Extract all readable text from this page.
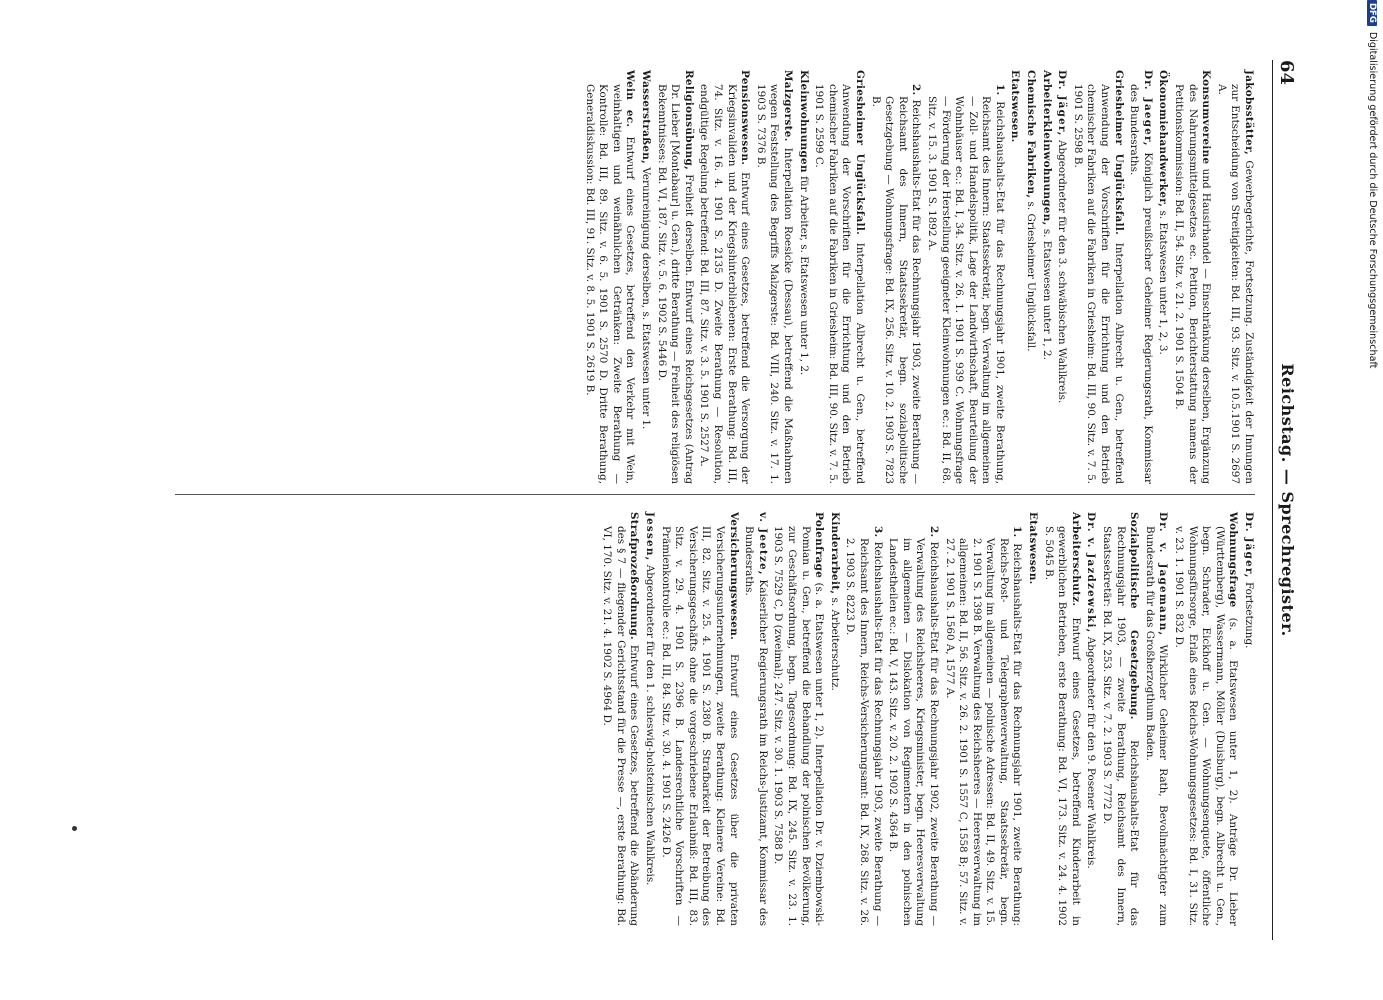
64
Reichstag. — Sprechregister.
Jakobsstätter, Gewerbegerichte, Fortsetzung. Zuständigkeit der Innungen zur Entscheidung von Streitigkeiten: Bd. III, 93. Sitz. v. 10.5.1901 S. 2697 A.
Konsumvereine und Hausirhandel — Einschränkung derselben, Ergänzung des Nahrungsmittelgesetzes ec. Petition, Berichterstattung namens der Petitionskommission: Bd. II, 54. Sitz. v. 21. 2. 1901 S. 1504 B.
Ökonomiehandwerker, s. Etatswesen unter 1, 2, 3.
Dr. Jaeger, Königlich preußischer Geheimer Regierungsrath, Kommissar des Bundesraths.
Griesheimer Unglücksfall. Interpellation Albrecht u. Gen., betreffend Anwendung der Vorschriften für die Errichtung und den Betrieb chemischer Fabriken auf die Fabriken in Griesheim: Bd. III, 90. Sitz. v. 7. 5. 1901 S. 2598 B.
Dr. Jäger, Abgeordneter für den 3. schwäbischen Wahlkreis.
Arbeiterkleinwohnungen, s. Etatswesen unter 1, 2.
Chemische Fabriken, s. Griesheimer Unglücksfall.
Etatswesen.
1. Reichshaushalts-Etat für das Rechnungsjahr 1901, zweite Berathung, Reichsamt des Innern: Staatssekretär, begn. Verwaltung im allgemeinen — Zoll- und Handelspolitik, Lage der Landwirthschaft, Beurteilung der Wohnhäuser ec.: Bd. I, 34. Sitz. v. 26. 1. 1901 S. 939 C. Wohnungsfrage — Förderung der Herstellung geeigneter Kleinwohnungen ec.: Bd. II, 68. Sitz. v. 15. 3. 1901 S. 1892 A.
2. Reichshaushalts-Etat für das Rechnungsjahr 1903, zweite Berathung — Reichsamt des Innern, Staatssekretär, begn. sozialpolitische Gesetzgebung — Wohnungsfrage: Bd. IX, 256. Sitz. v. 10. 2. 1903 S. 7823 B.
Griesheimer Unglücksfall. Interpellation Albrecht u. Gen., betreffend Anwendung der Vorschriften für die Errichtung und den Betrieb chemischer Fabriken auf die Fabriken in Griesheim: Bd. III, 90. Sitz. v. 7. 5. 1901 S. 2599 C.
Kleinwohnungen für Arbeiter, s. Etatswesen unter 1, 2.
Malzgerste. Interpellation Roesicke (Dessau), betreffend die Maßnahmen wegen Feststellung des Begriffs Malzgerste: Bd. VIII, 240. Sitz. v. 17. 1. 1903 S. 7376 B.
Pensionswesen. Entwurf eines Gesetzes, betreffend die Versorgung der Kriegsinvaliden und der Kriegshinterbliebenen: Erste Berathung: Bd. III, 74. Sitz. v. 16. 4. 1901 S. 2135 D. Zweite Berathung — Resolution, endgültige Regelung betreffend: Bd. III, 87. Sitz. v. 3. 5. 1901 S. 2527 A.
Religionsübung, Freiheit derselben. Entwurf eines Reichsgesetzes (Antrag Dr. Lieber [Montabaur] u. Gen.), dritte Berathung — Freiheit des religiösen Bekenntnisses: Bd. VI, 187. Sitz. v. 5. 6. 1902 S. 5446 D.
Wasserstraßen, Verunreinigung derselben, s. Etatswesen unter 1.
Wein ec. Entwurf eines Gesetzes, betreffend den Verkehr mit Wein, weinhaltigen und weinähnlichen Getränken: Zweite Berathung — Kontrolle: Bd. III, 89. Sitz. v. 6. 5. 1901 S. 2570 D. Dritte Berathung, Generaldiskussion: Bd. III, 91. Sitz. v. 8. 5. 1901 S. 2619 B.
Dr. Jäger, Fortsetzung.
Wohnungsfrage (s. a. Etatswesen unter 1, 2). Anträge Dr. Lieber (Württemberg), Wassermann, Möller (Duisburg), begn. Albrecht u. Gen., begn. Schrader, Eickhoff u. Gen. — Wohnungsenquete, öffentliche Wohnungsfürsorge, Erlaß eines Reichs-Wohnungsgesetzes: Bd. I, 31. Sitz. v. 23. 1. 1901 S. 832 D.
Dr. v. Jagemann, Wirklicher Geheimer Rath, Bevollmächtigter zum Bundesrath für das Großherzogthum Baden.
Sozialpolitische Gesetzgebung. Reichshaushalts-Etat für das Rechnungsjahr 1903, — zweite Berathung, Reichsamt des Innern, Staatssekretär: Bd. IX, 253. Sitz. v. 7. 2. 1903 S. 7772 D.
Dr. v. Jazdzewski, Abgeordneter für den 9. Posener Wahlkreis.
Arbeiterschutz. Entwurf eines Gesetzes, betreffend Kinderarbeit in gewerblichen Betrieben, erste Berathung: Bd. VI, 173. Sitz. v. 24. 4. 1902 S. 5045 B.
Etatswesen.
1. Reichshaushalts-Etat für das Rechnungsjahr 1901, zweite Berathung: Reichs-Post- und Telegraphenverwaltung, Staatssekretär, begn. Verwaltung im allgemeinen — polnische Adressen: Bd. II, 49. Sitz. v. 15. 2. 1901 S. 1398 B. Verwaltung des Reichsheeres — Heeresverwaltung im allgemeinen: Bd. II, 56. Sitz. v. 26. 2. 1901 S. 1557 C, 1558 B; 57. Sitz. v. 27. 2. 1901 S. 1560 A, 1577 A.
2. Reichshaushalts-Etat für das Rechnungsjahr 1902, zweite Berathung — Verwaltung des Reichsheeres, Kriegsminister, begn. Heeresverwaltung im allgemeinen — Dislokation von Regimentern in den polnischen Landestheilen ec.: Bd. V, 143. Sitz. v. 20. 2. 1902 S. 4364 B.
3. Reichshaushalts-Etat für das Rechnungsjahr 1903, zweite Berathung — Reichsamt des Innern, Reichs-Versicherungsamt: Bd. IX, 268. Sitz. v. 26. 2. 1903 S. 8223 D.
Kinderarbeit, s. Arbeiterschutz.
Polenfrage (s. a. Etatswesen unter 1, 2). Interpellation Dr. v. Dziembowski-Pomian u. Gen., betreffend die Behandlung der polnischen Bevölkerung, zur Geschäftsordnung, begn. Tagesordnung: Bd. IX, 245. Sitz. v. 23. 1. 1903 S. 7529 C, D (zweimal); 247. Sitz. v. 30. 1. 1903 S. 7588 D.
v. Jeetze, Kaiserlicher Regierungsrath im Reichs-Justizamt, Kommissar des Bundesraths.
Versicherungswesen. Entwurf eines Gesetzes über die privaten Versicherungsunternehmungen, zweite Berathung: Kleinere Vereine: Bd. III, 82. Sitz. v. 25. 4. 1901 S. 2380 B. Strafbarkeit der Betreibung des Versicherungsgeschäfts ohne die vorgeschriebene Erlaubniß: Bd. III, 83. Sitz. v. 29. 4. 1901 S. 2396 B. Landesrechtliche Vorschriften — Prämienkontrolle ec.: Bd. III, 84. Sitz. v. 30. 4. 1901 S. 2426 D.
Jessen, Abgeordneter für den 1. schleswig-holsteinischen Wahlkreis.
Strafprozeßordnung. Entwurf eines Gesetzes, betreffend die Abänderung des § 7 — fliegender Gerichtsstand für die Presse —, erste Berathung: Bd. VI, 170. Sitz. v. 21. 4. 1902 S. 4964 D.
DFGDigitalisierung gefördert durch die Deutsche Forschungsgemeinschaft
